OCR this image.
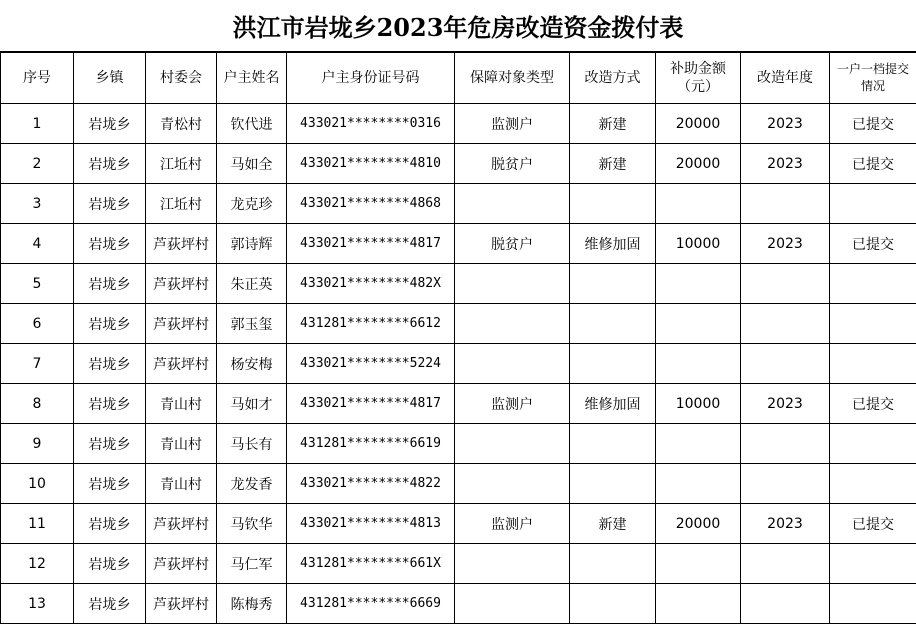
洪江市岩垅乡2023年危房改造资金拨付表
序号	乡镇	村委会	户主姓名	户主身份证号码	保障对象类型	改造方式	补助金额（元）	改造年度	一户一档提交情况
1	岩垅乡	青松村	钦代进	433021********0316	监测户	新建	20000	2023	已提交
2	岩垅乡	江坵村	马如全	433021********4810	脱贫户	新建	20000	2023	已提交
3	岩垅乡	江坵村	龙克珍	433021********4868					
4	岩垅乡	芦荻坪村	郭诗辉	433021********4817	脱贫户	维修加固	10000	2023	已提交
5	岩垅乡	芦荻坪村	朱正英	433021********482X					
6	岩垅乡	芦荻坪村	郭玉玺	431281********6612					
7	岩垅乡	芦荻坪村	杨安梅	433021********5224					
8	岩垅乡	青山村	马如才	433021********4817	监测户	维修加固	10000	2023	已提交
9	岩垅乡	青山村	马长有	431281********6619					
10	岩垅乡	青山村	龙发香	433021********4822					
11	岩垅乡	芦荻坪村	马钦华	433021********4813	监测户	新建	20000	2023	已提交
12	岩垅乡	芦荻坪村	马仁军	431281********661X					
13	岩垅乡	芦荻坪村	陈梅秀	431281********6669					
